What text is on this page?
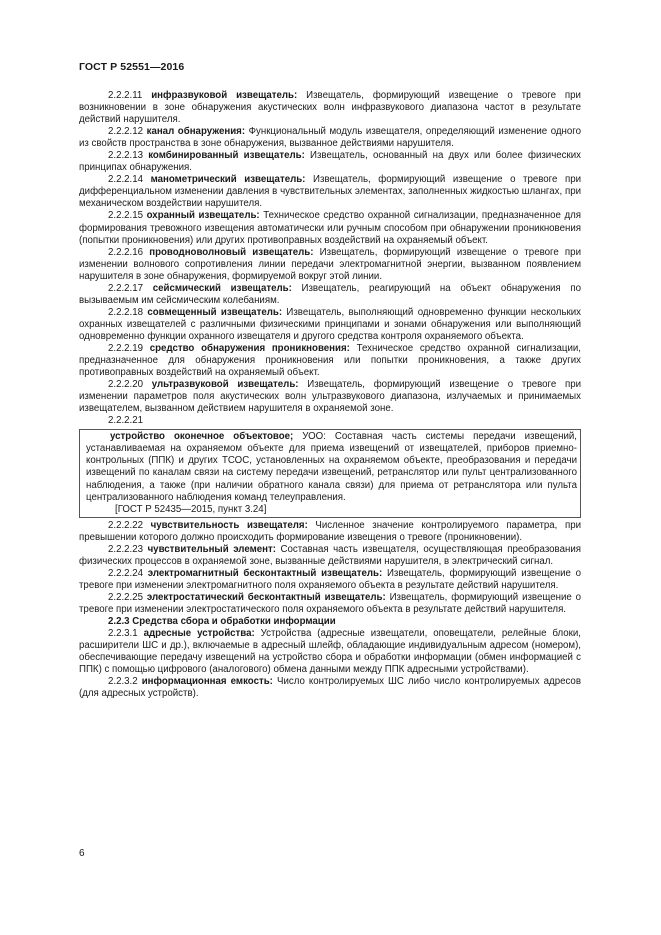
ГОСТ Р 52551—2016

2.2.2.11 инфразвуковой извещатель: Извещатель, формирующий извещение о тревоге при возникновении в зоне обнаружения акустических волн инфразвукового диапазона частот в результате действий нарушителя.

2.2.2.12 канал обнаружения: Функциональный модуль извещателя, определяющий изменение одного из свойств пространства в зоне обнаружения, вызванное действиями нарушителя.

2.2.2.13 комбинированный извещатель: Извещатель, основанный на двух или более физических принципах обнаружения.

2.2.2.14 манометрический извещатель: Извещатель, формирующий извещение о тревоге при дифференциальном изменении давления в чувствительных элементах, заполненных жидкостью шлангах, при механическом воздействии нарушителя.

2.2.2.15 охранный извещатель: Техническое средство охранной сигнализации, предназначенное для формирования тревожного извещения автоматически или ручным способом при обнаружении проникновения (попытки проникновения) или других противоправных воздействий на охраняемый объект.

2.2.2.16 проводноволновый извещатель: Извещатель, формирующий извещение о тревоге при изменении волнового сопротивления линии передачи электромагнитной энергии, вызванном появлением нарушителя в зоне обнаружения, формируемой вокруг этой линии.

2.2.2.17 сейсмический извещатель: Извещатель, реагирующий на объект обнаружения по вызываемым им сейсмическим колебаниям.

2.2.2.18 совмещенный извещатель: Извещатель, выполняющий одновременно функции нескольких охранных извещателей с различными физическими принципами и зонами обнаружения или выполняющий одновременно функции охранного извещателя и другого средства контроля охраняемого объекта.

2.2.2.19 средство обнаружения проникновения: Техническое средство охранной сигнализации, предназначенное для обнаружения проникновения или попытки проникновения, а также других противоправных воздействий на охраняемый объект.

2.2.2.20 ультразвуковой извещатель: Извещатель, формирующий извещение о тревоге при изменении параметров поля акустических волн ультразвукового диапазона, излучаемых и принимаемых извещателем, вызванном действием нарушителя в охраняемой зоне.

2.2.2.21

устройство оконечное объектовое; УОО: Составная часть системы передачи извещений, устанавливаемая на охраняемом объекте для приема извещений от извещателей, приборов приемно-контрольных (ППК) и других ТСОС, установленных на охраняемом объекте, преобразования и передачи извещений по каналам связи на систему передачи извещений, ретранслятор или пульт централизованного наблюдения, а также (при наличии обратного канала связи) для приема от ретранслятора или пульта централизованного наблюдения команд телеуправления.

[ГОСТ Р 52435—2015, пункт 3.24]

2.2.2.22 чувствительность извещателя: Численное значение контролируемого параметра, при превышении которого должно происходить формирование извещения о тревоге (проникновении).

2.2.2.23 чувствительный элемент: Составная часть извещателя, осуществляющая преобразования физических процессов в охраняемой зоне, вызванные действиями нарушителя, в электрический сигнал.

2.2.2.24 электромагнитный бесконтактный извещатель: Извещатель, формирующий извещение о тревоге при изменении электромагнитного поля охраняемого объекта в результате действий нарушителя.

2.2.2.25 электростатический бесконтактный извещатель: Извещатель, формирующий извещение о тревоге при изменении электростатического поля охраняемого объекта в результате действий нарушителя.

2.2.3 Средства сбора и обработки информации

2.2.3.1 адресные устройства: Устройства (адресные извещатели, оповещатели, релейные блоки, расширители ШС и др.), включаемые в адресный шлейф, обладающие индивидуальным адресом (номером), обеспечивающие передачу извещений на устройство сбора и обработки информации (обмен информацией с ППК) с помощью цифрового (аналогового) обмена данными между ППК адресными устройствами).

2.2.3.2 информационная емкость: Число контролируемых ШС либо число контролируемых адресов (для адресных устройств).

6
